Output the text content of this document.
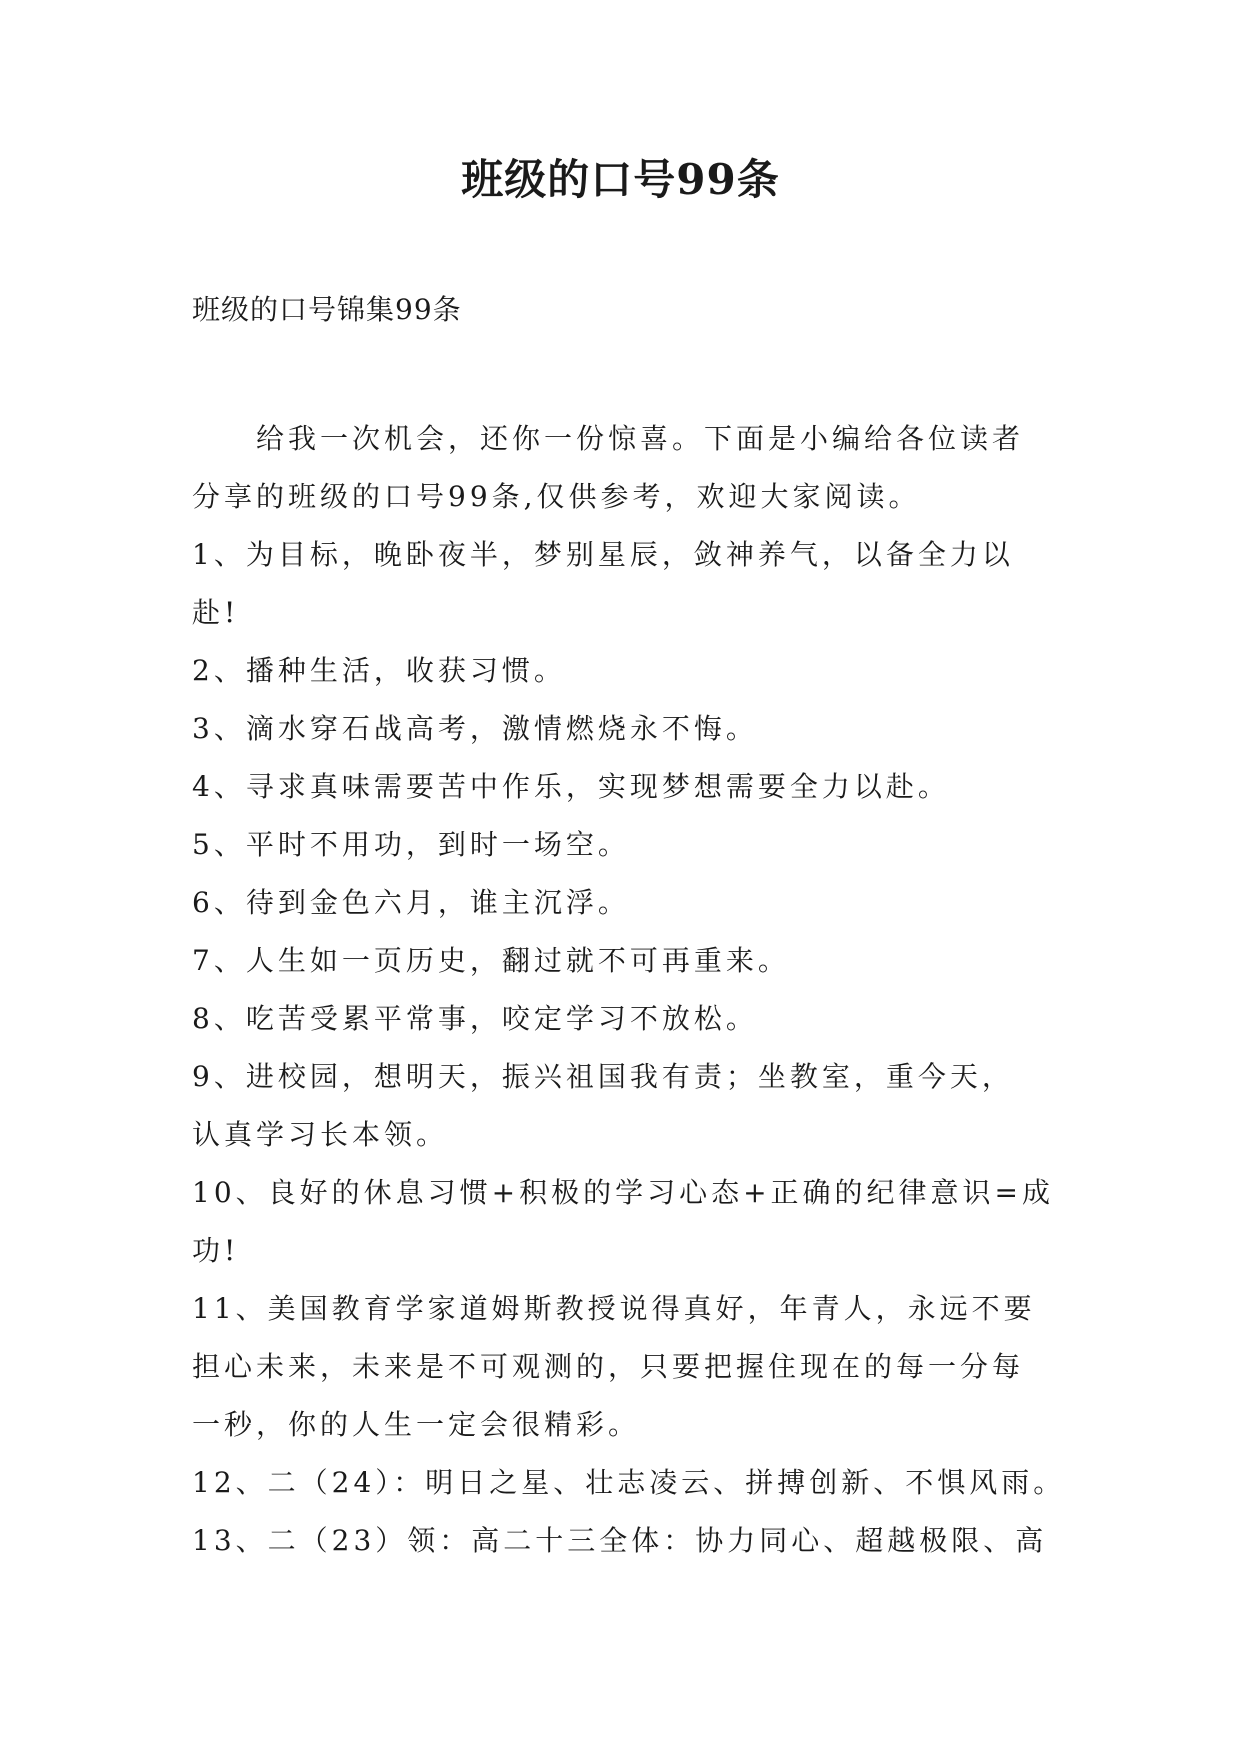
班级的口号99条

班级的口号锦集99条

给我一次机会，还你一份惊喜。下面是小编给各位读者
分享的班级的口号99条,仅供参考，欢迎大家阅读。
1、为目标，晚卧夜半，梦别星辰，敛神养气，以备全力以
赴!
2、播种生活，收获习惯。
3、滴水穿石战高考，激情燃烧永不悔。
4、寻求真味需要苦中作乐，实现梦想需要全力以赴。
5、平时不用功，到时一场空。
6、待到金色六月，谁主沉浮。
7、人生如一页历史，翻过就不可再重来。
8、吃苦受累平常事，咬定学习不放松。
9、进校园，想明天，振兴祖国我有责；坐教室，重今天，
认真学习长本领。
10、良好的休息习惯+积极的学习心态+正确的纪律意识=成
功!
11、美国教育学家道姆斯教授说得真好，年青人，永远不要
担心未来，未来是不可观测的，只要把握住现在的每一分每
一秒，你的人生一定会很精彩。
12、二（24）：明日之星、壮志凌云、拼搏创新、不惧风雨。
13、二（23）领：高二十三全体：协力同心、超越极限、高
